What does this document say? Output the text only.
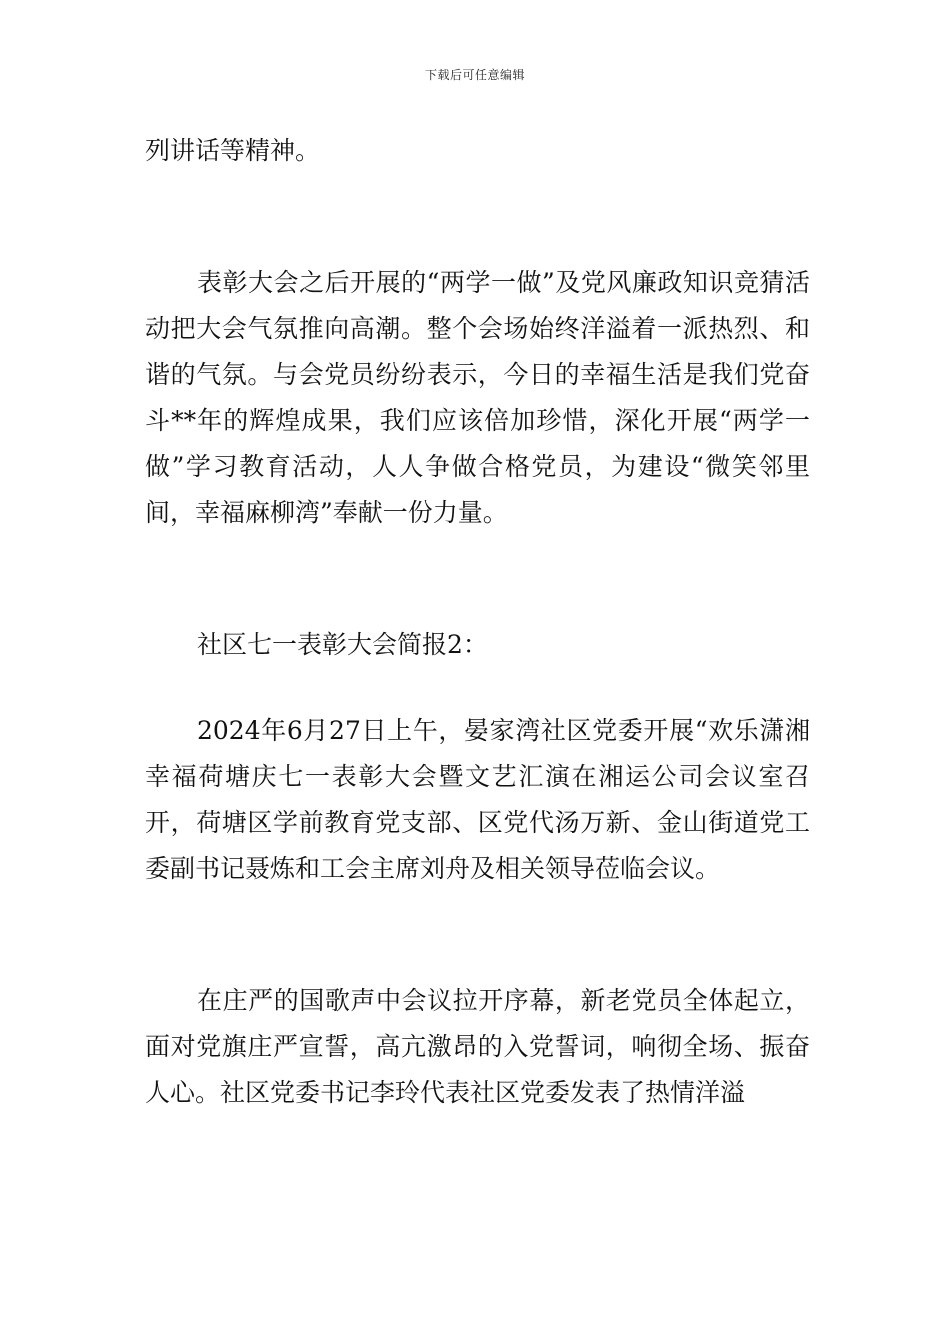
下载后可任意编辑

列讲话等精神。

表彰大会之后开展的“两学一做”及党风廉政知识竞猜活动把大会气氛推向高潮。整个会场始终洋溢着一派热烈、和谐的气氛。与会党员纷纷表示，今日的幸福生活是我们党奋斗**年的辉煌成果，我们应该倍加珍惜，深化开展“两学一做”学习教育活动，人人争做合格党员，为建设“微笑邻里间，幸福麻柳湾”奉献一份力量。

社区七一表彰大会简报2：

2024年6月27日上午，晏家湾社区党委开展“欢乐潇湘幸福荷塘庆七一表彰大会暨文艺汇演在湘运公司会议室召开，荷塘区学前教育党支部、区党代汤万新、金山街道党工委副书记聂炼和工会主席刘舟及相关领导莅临会议。

在庄严的国歌声中会议拉开序幕，新老党员全体起立，面对党旗庄严宣誓，高亢激昂的入党誓词，响彻全场、振奋人心。社区党委书记李玲代表社区党委发表了热情洋溢
